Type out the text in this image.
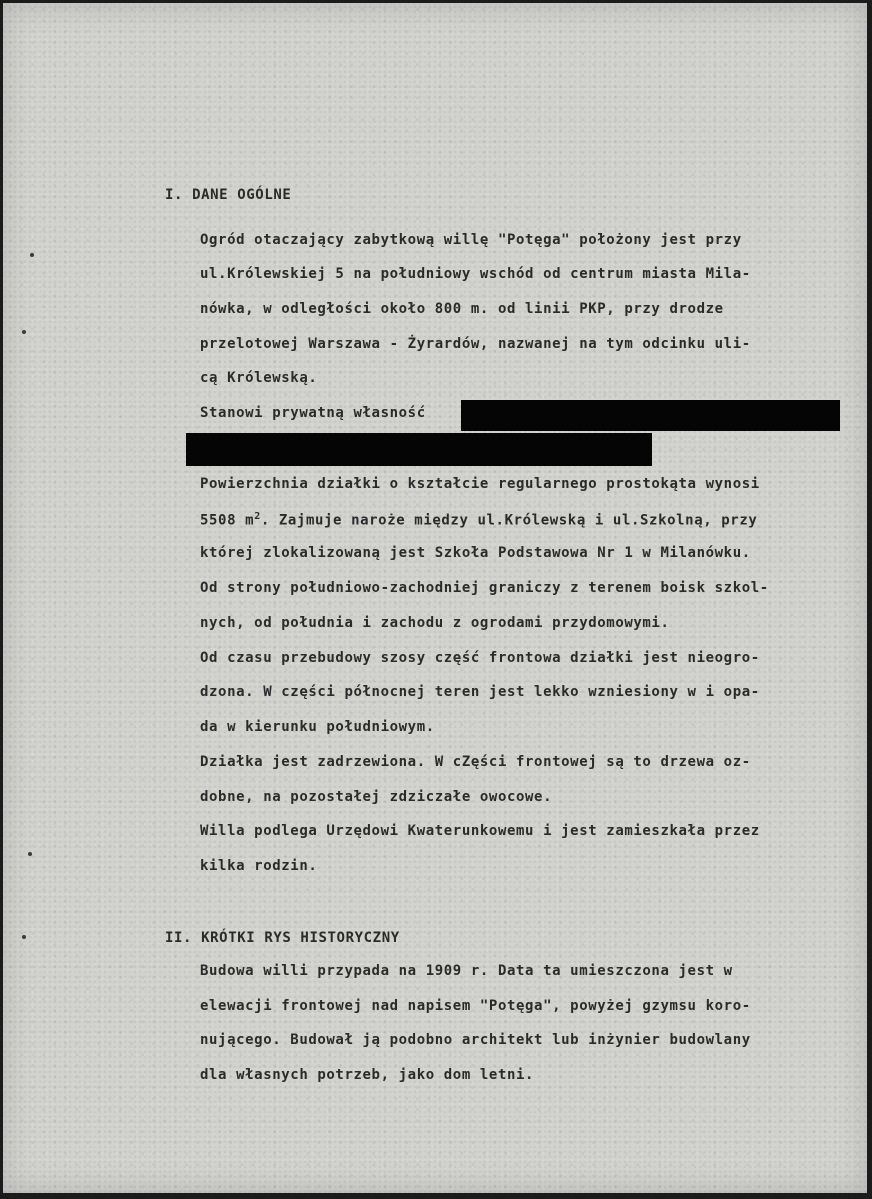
I. DANE OGÓLNE

Ogród otaczający zabytkową willę "Potęga" położony jest przy

ul.Królewskiej 5 na południowy wschód od centrum miasta Mila-

nówka, w odległości około 800 m. od linii PKP, przy drodze

przelotowej Warszawa - Żyrardów, nazwanej na tym odcinku uli-

cą Królewską.

Stanowi prywatną własność

Powierzchnia działki o kształcie regularnego prostokąta wynosi

5508 $m^2$. Zajmuje naroże między ul.Królewską i ul.Szkolną, przy

której zlokalizowaną jest Szkoła Podstawowa Nr 1 w Milanówku.

Od strony południowo-zachodniej graniczy z terenem boisk szkol-

nych, od południa i zachodu z ogrodami przydomowymi.

Od czasu przebudowy szosy część frontowa działki jest nieogro-

dzona. W części północnej teren jest lekko wzniesiony w i opa-

da w kierunku południowym.

Działka jest zadrzewiona. W cZęści frontowej są to drzewa oz-

dobne, na pozostałej zdziczałe owocowe.

Willa podlega Urzędowi Kwaterunkowemu i jest zamieszkała przez

kilka rodzin.

II. KRÓTKI RYS HISTORYCZNY

Budowa willi przypada na 1909 r. Data ta umieszczona jest w

elewacji frontowej nad napisem "Potęga", powyżej gzymsu koro-

nującego. Budował ją podobno architekt lub inżynier budowlany

dla własnych potrzeb, jako dom letni.
